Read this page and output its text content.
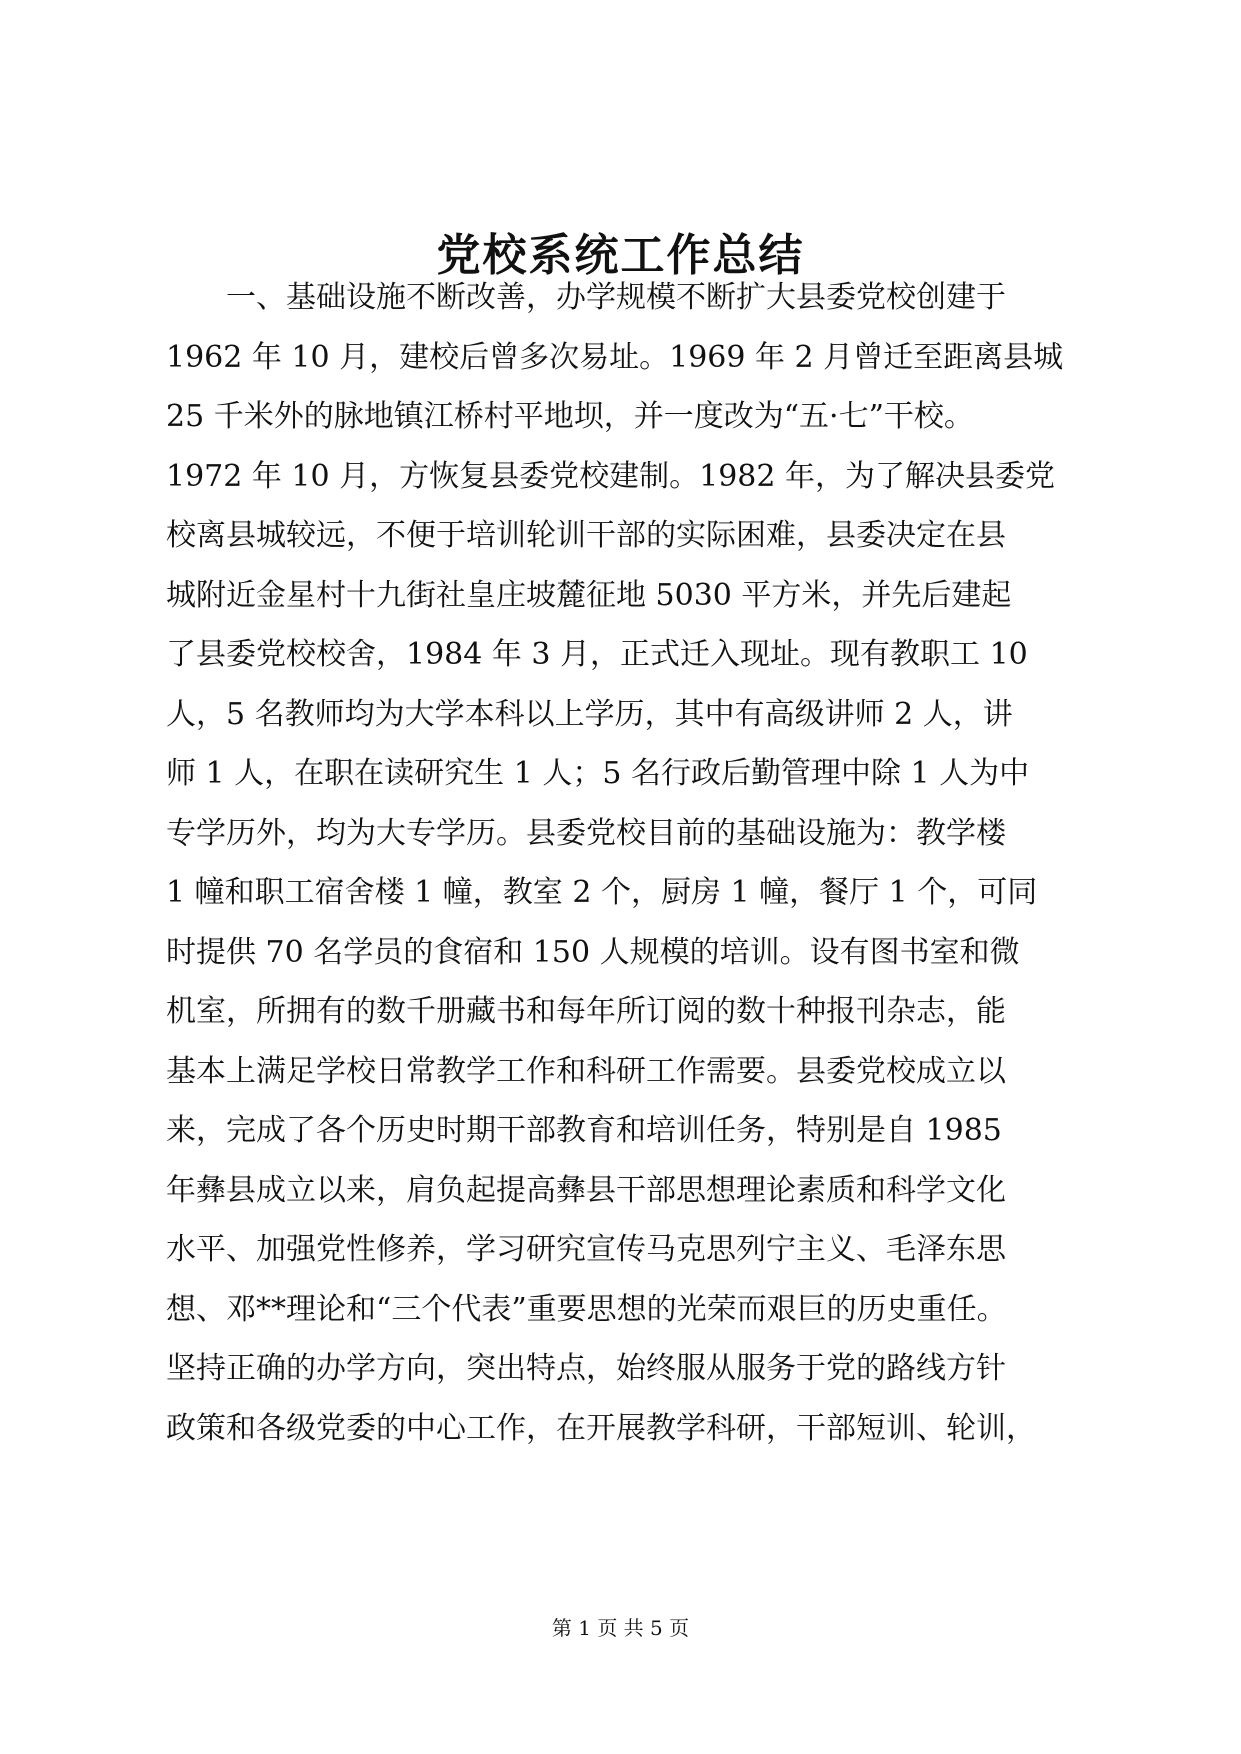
党校系统工作总结
一、基础设施不断改善，办学规模不断扩大县委党校创建于
1962 年 10 月，建校后曾多次易址。1969 年 2 月曾迁至距离县城
25 千米外的脉地镇江桥村平地坝，并一度改为“五·七”干校。
1972 年 10 月，方恢复县委党校建制。1982 年，为了解决县委党
校离县城较远，不便于培训轮训干部的实际困难，县委决定在县
城附近金星村十九街社皇庄坡麓征地 5030 平方米，并先后建起
了县委党校校舍，1984 年 3 月，正式迁入现址。现有教职工 10
人，5 名教师均为大学本科以上学历，其中有高级讲师 2 人，讲
师 1 人，在职在读研究生 1 人；5 名行政后勤管理中除 1 人为中
专学历外，均为大专学历。县委党校目前的基础设施为：教学楼
1 幢和职工宿舍楼 1 幢，教室 2 个，厨房 1 幢，餐厅 1 个，可同
时提供 70 名学员的食宿和 150 人规模的培训。设有图书室和微
机室，所拥有的数千册藏书和每年所订阅的数十种报刊杂志，能
基本上满足学校日常教学工作和科研工作需要。县委党校成立以
来，完成了各个历史时期干部教育和培训任务，特别是自 1985
年彝县成立以来，肩负起提高彝县干部思想理论素质和科学文化
水平、加强党性修养，学习研究宣传马克思列宁主义、毛泽东思
想、邓**理论和“三个代表”重要思想的光荣而艰巨的历史重任。
坚持正确的办学方向，突出特点，始终服从服务于党的路线方针
政策和各级党委的中心工作，在开展教学科研，干部短训、轮训，
第 1 页 共 5 页
